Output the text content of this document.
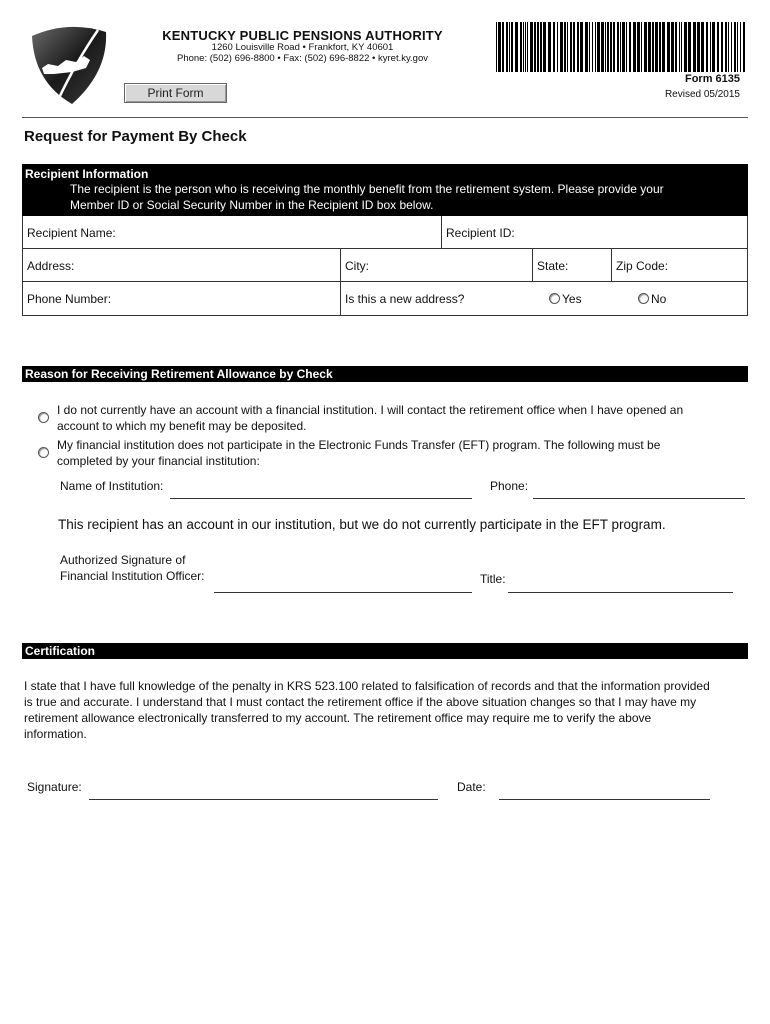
KENTUCKY PUBLIC PENSIONS AUTHORITY
1260 Louisville Road • Frankfort, KY 40601
Phone: (502) 696-8800 • Fax: (502) 696-8822 • kyret.ky.gov
Form 6135
Revised 05/2015
Print Form
Request for Payment By Check
Recipient Information
The recipient is the person who is receiving the monthly benefit from the retirement system. Please provide your
Member ID or Social Security Number in the Recipient ID box below.
Recipient Name:	Recipient ID:
Address:	City:	State:	Zip Code:
Phone Number:	Is this a new address?	Yes	No
Reason for Receiving Retirement Allowance by Check
I do not currently have an account with a financial institution. I will contact the retirement office when I have opened an
account to which my benefit may be deposited.
My financial institution does not participate in the Electronic Funds Transfer (EFT) program. The following must be
completed by your financial institution:
Name of Institution:	Phone:
This recipient has an account in our institution, but we do not currently participate in the EFT program.
Authorized Signature of
Financial Institution Officer:	Title:
Certification
I state that I have full knowledge of the penalty in KRS 523.100 related to falsification of records and that the information provided
is true and accurate. I understand that I must contact the retirement office if the above situation changes so that I may have my
retirement allowance electronically transferred to my account. The retirement office may require me to verify the above
information.
Signature:	Date:
